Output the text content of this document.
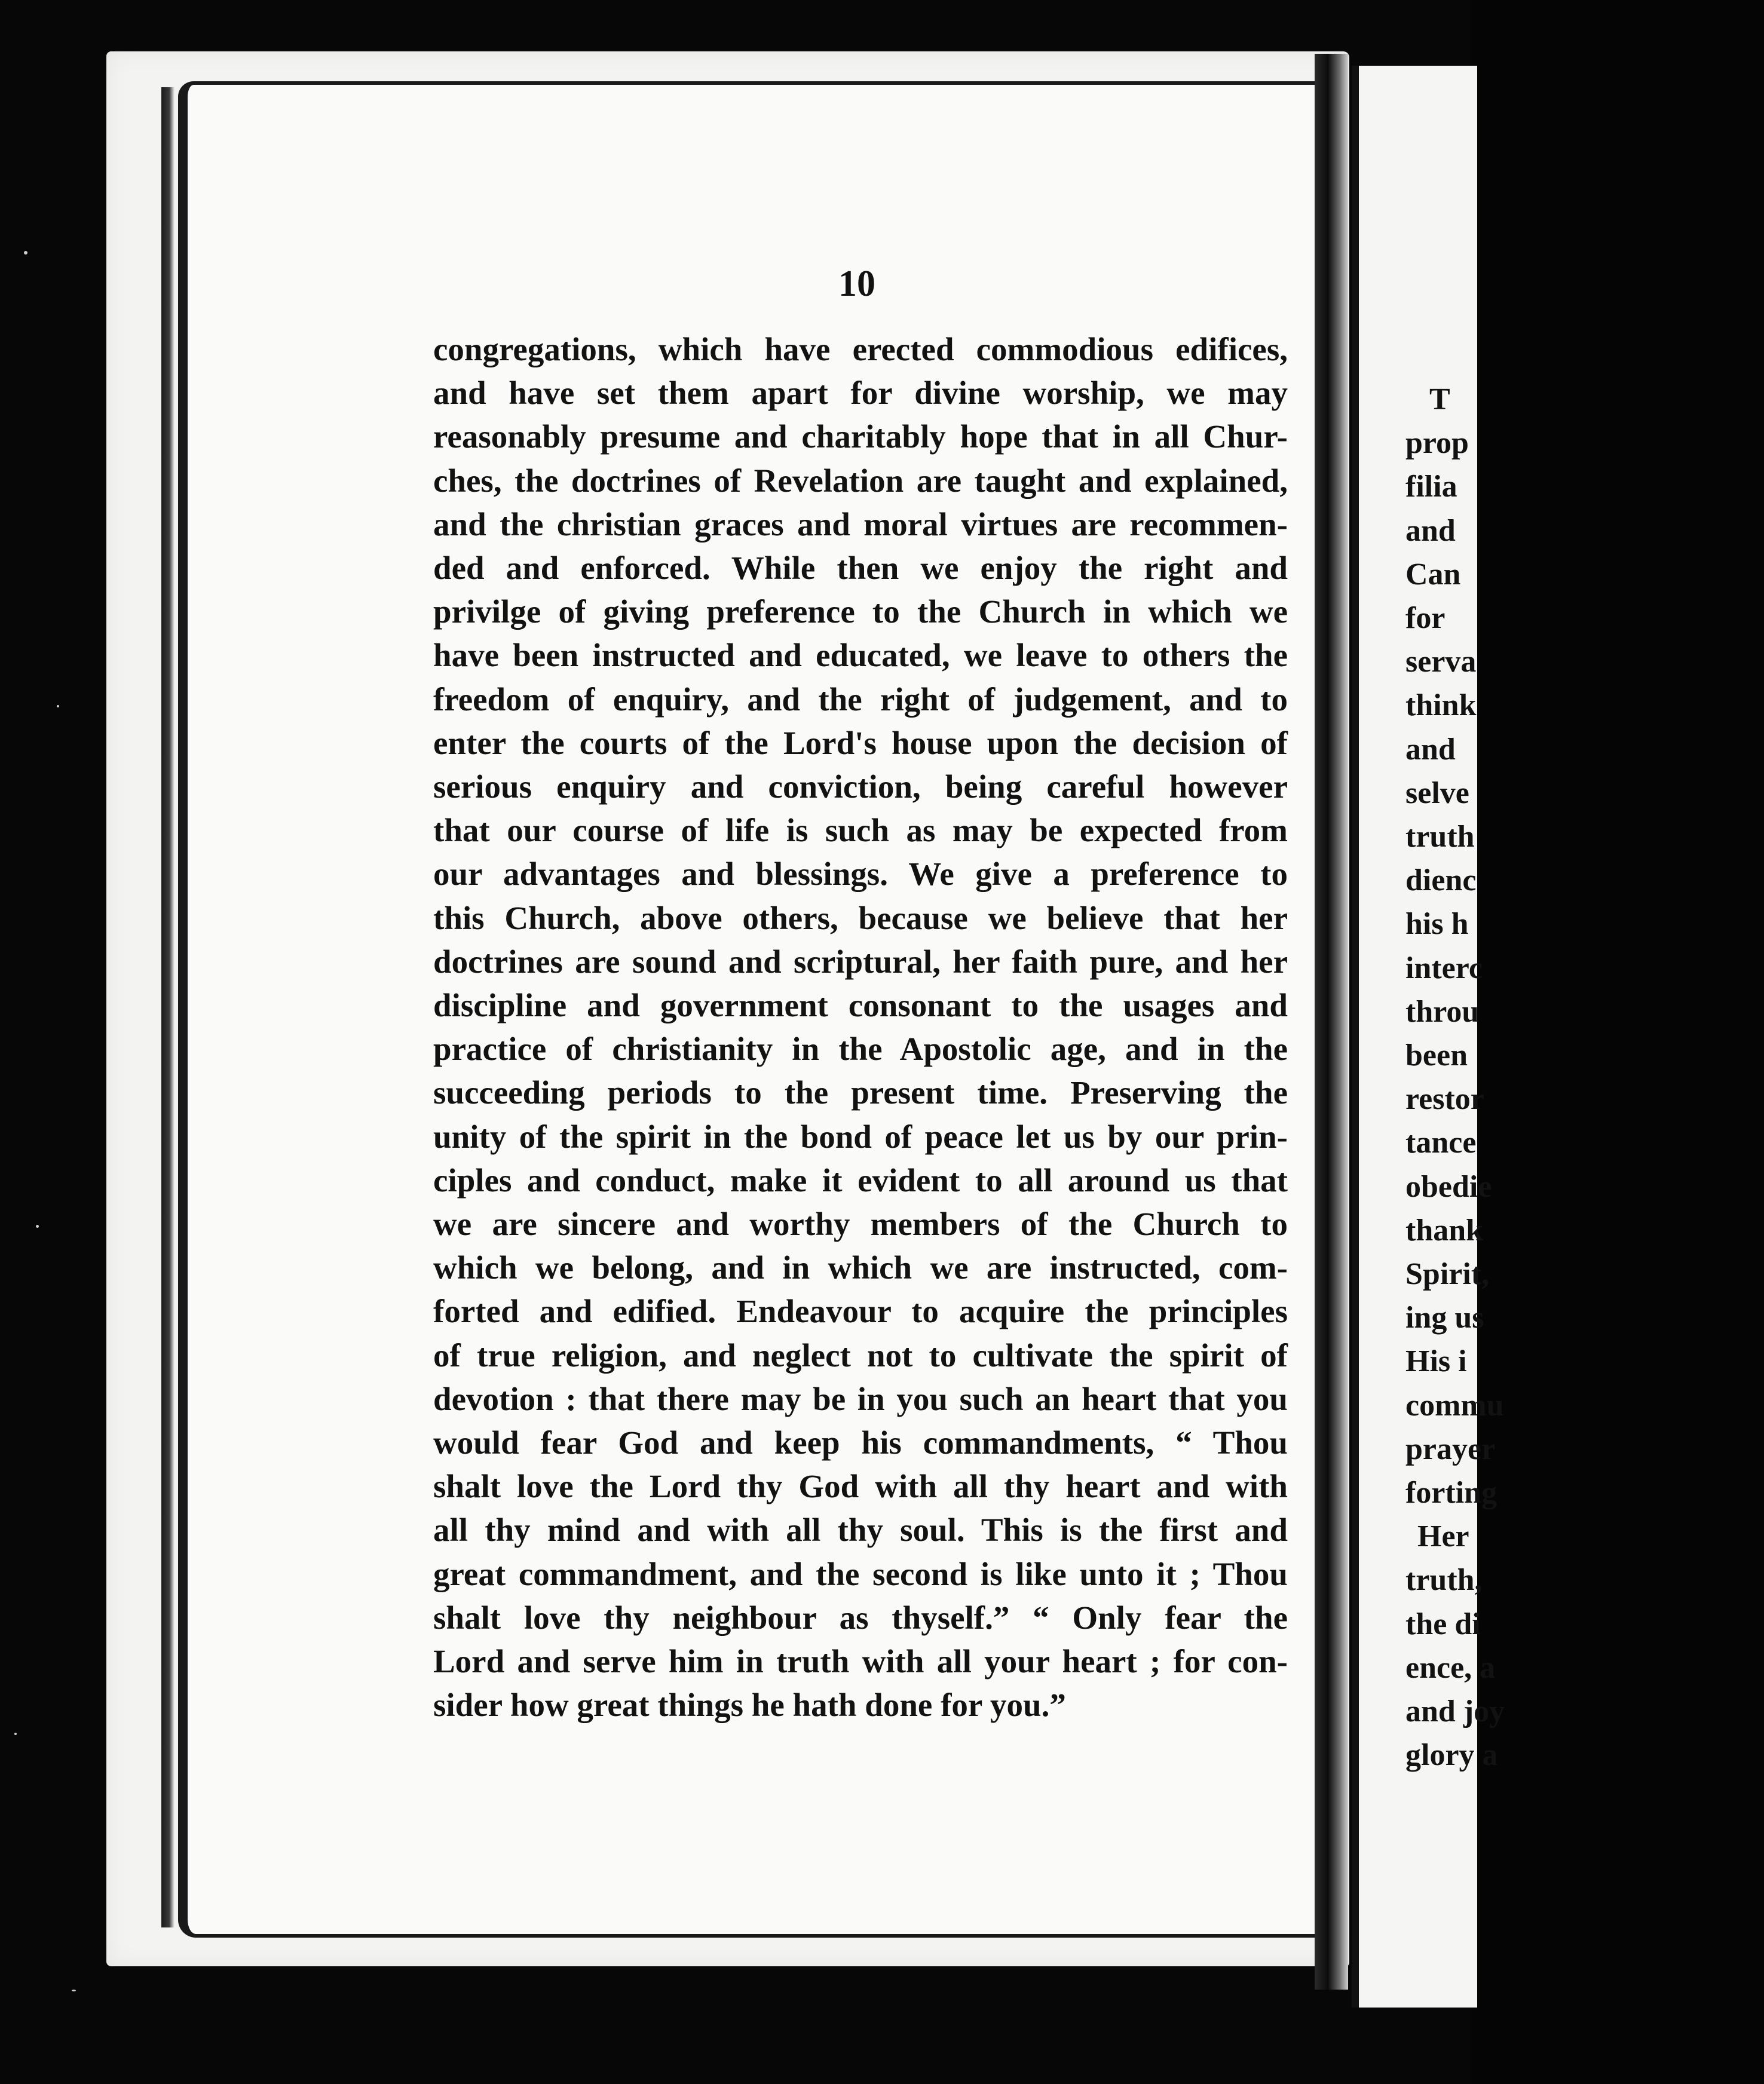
10
congregations, which have erected commodious edifices,
and have set them apart for divine worship, we may
reasonably presume and charitably hope that in all Chur-
ches, the doctrines of Revelation are taught and explained,
and the christian graces and moral virtues are recommen-
ded and enforced. While then we enjoy the right and
privilge of giving preference to the Church in which we
have been instructed and educated, we leave to others the
freedom of enquiry, and the right of judgement, and to
enter the courts of the Lord's house upon the decision of
serious enquiry and conviction, being careful however
that our course of life is such as may be expected from
our advantages and blessings. We give a preference to
this Church, above others, because we believe that her
doctrines are sound and scriptural, her faith pure, and her
discipline and government consonant to the usages and
practice of christianity in the Apostolic age, and in the
succeeding periods to the present time. Preserving the
unity of the spirit in the bond of peace let us by our prin-
ciples and conduct, make it evident to all around us that
we are sincere and worthy members of the Church to
which we belong, and in which we are instructed, com-
forted and edified. Endeavour to acquire the principles
of true religion, and neglect not to cultivate the spirit of
devotion : that there may be in you such an heart that you
would fear God and keep his commandments, “ Thou
shalt love the Lord thy God with all thy heart and with
all thy mind and with all thy soul. This is the first and
great commandment, and the second is like unto it ; Thou
shalt love thy neighbour as thyself.” “ Only fear the
Lord and serve him in truth with all your heart ; for con-
sider how great things he hath done for you.”
T
prop
filia
and
Can
for
serva
think
and
selve
truth
dienc
his h
interc
throu
been
restor
tance
obedie
thank
Spirit,
ing us
His i
commu
prayer
forting
Her
truth,
the di
ence, a
and joy
glory a
